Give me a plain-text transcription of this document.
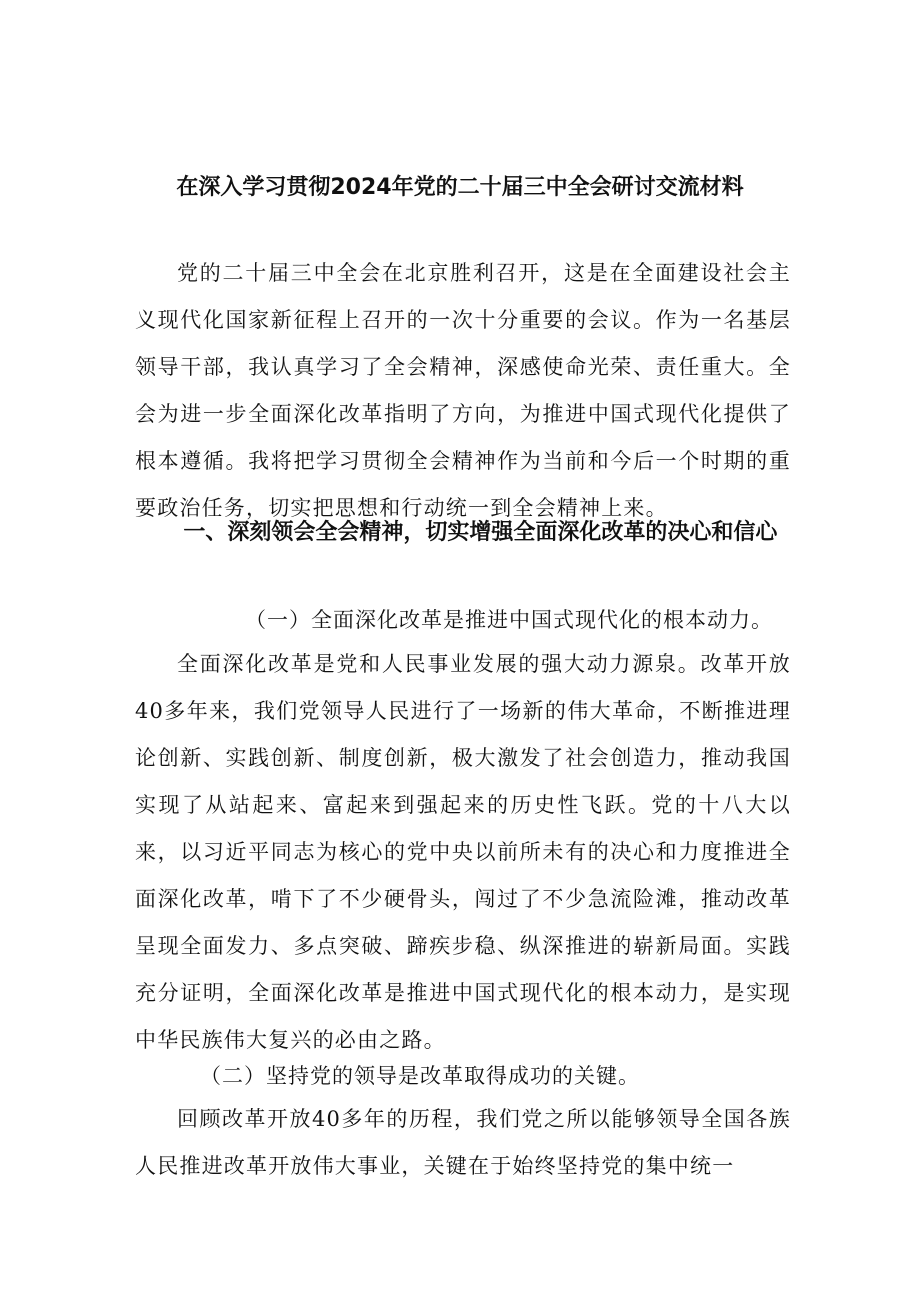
在深入学习贯彻2024年党的二十届三中全会研讨交流材料

党的二十届三中全会在北京胜利召开，这是在全面建设社会主义现代化国家新征程上召开的一次十分重要的会议。作为一名基层领导干部，我认真学习了全会精神，深感使命光荣、责任重大。全会为进一步全面深化改革指明了方向，为推进中国式现代化提供了根本遵循。我将把学习贯彻全会精神作为当前和今后一个时期的重要政治任务，切实把思想和行动统一到全会精神上来。

一、深刻领会全会精神，切实增强全面深化改革的决心和信心

（一）全面深化改革是推进中国式现代化的根本动力。

全面深化改革是党和人民事业发展的强大动力源泉。改革开放40多年来，我们党领导人民进行了一场新的伟大革命，不断推进理论创新、实践创新、制度创新，极大激发了社会创造力，推动我国实现了从站起来、富起来到强起来的历史性飞跃。党的十八大以来，以习近平同志为核心的党中央以前所未有的决心和力度推进全面深化改革，啃下了不少硬骨头，闯过了不少急流险滩，推动改革呈现全面发力、多点突破、蹄疾步稳、纵深推进的崭新局面。实践充分证明，全面深化改革是推进中国式现代化的根本动力，是实现中华民族伟大复兴的必由之路。

（二）坚持党的领导是改革取得成功的关键。

回顾改革开放40多年的历程，我们党之所以能够领导全国各族人民推进改革开放伟大事业，关键在于始终坚持党的集中统一
